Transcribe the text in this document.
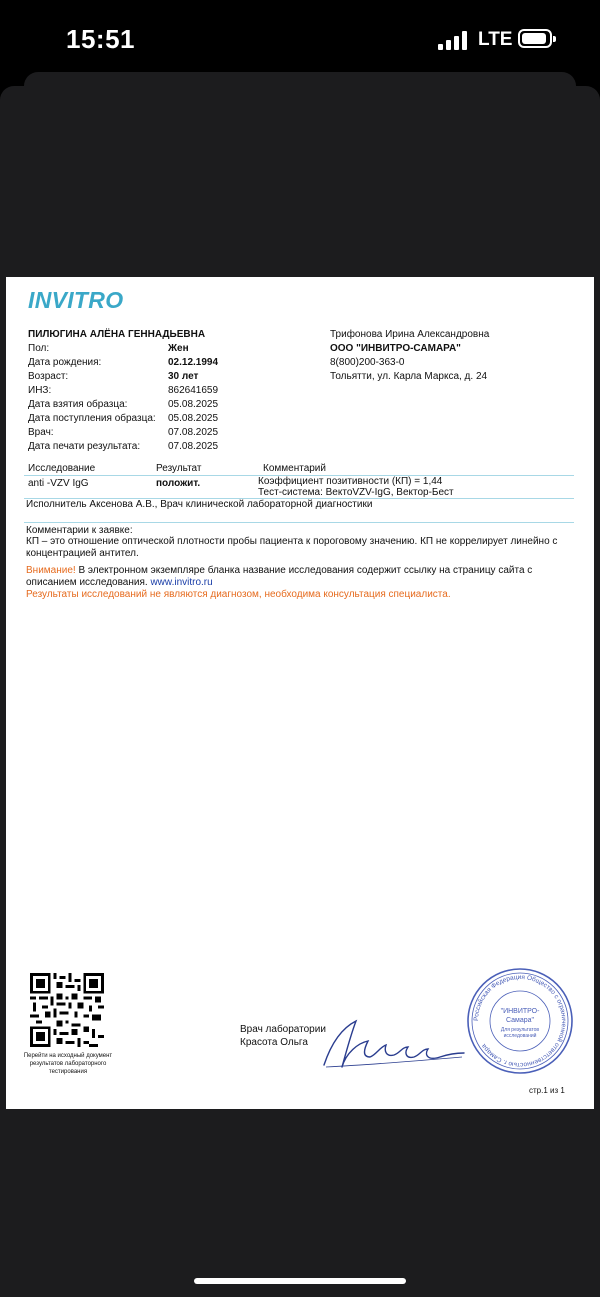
15:51	LTE
INVITRO
ПИЛЮГИНА АЛЁНА ГЕННАДЬЕВНА
Пол:	Жен
Дата рождения:	02.12.1994
Возраст:	30 лет
ИНЗ:	862641659
Дата взятия образца:	05.08.2025
Дата поступления образца: 05.08.2025
Врач:	07.08.2025
Дата печати результата:	07.08.2025
Трифонова Ирина Александровна
ООО "ИНВИТРО-САМАРА"
8(800)200-363-0
Тольятти, ул. Карла Маркса, д. 24
Исследование	Результат	Комментарий
anti -VZV IgG	положит.	Коэффициент позитивности (КП) = 1,44
Тест-система: ВектоVZV-IgG, Вектор-Бест
Исполнитель Аксенова А.В., Врач клинической лабораторной диагностики
Комментарии к заявке:
КП – это отношение оптической плотности пробы пациента к пороговому значению. КП не коррелирует линейно с концентрацией антител.
Внимание! В электронном экземпляре бланка название исследования содержит ссылку на страницу сайта с описанием исследования. www.invitro.ru
Результаты исследований не являются диагнозом, необходима консультация специалиста.
Перейти на исходный документ результатов лабораторного тестирования
Врач лаборатории
Красота Ольга
Российская Федерация Общество с ограниченной ответственностью г. Самара
"ИНВИТРО-
Самара"
Для результатов
исследований
стр.1 из 1
